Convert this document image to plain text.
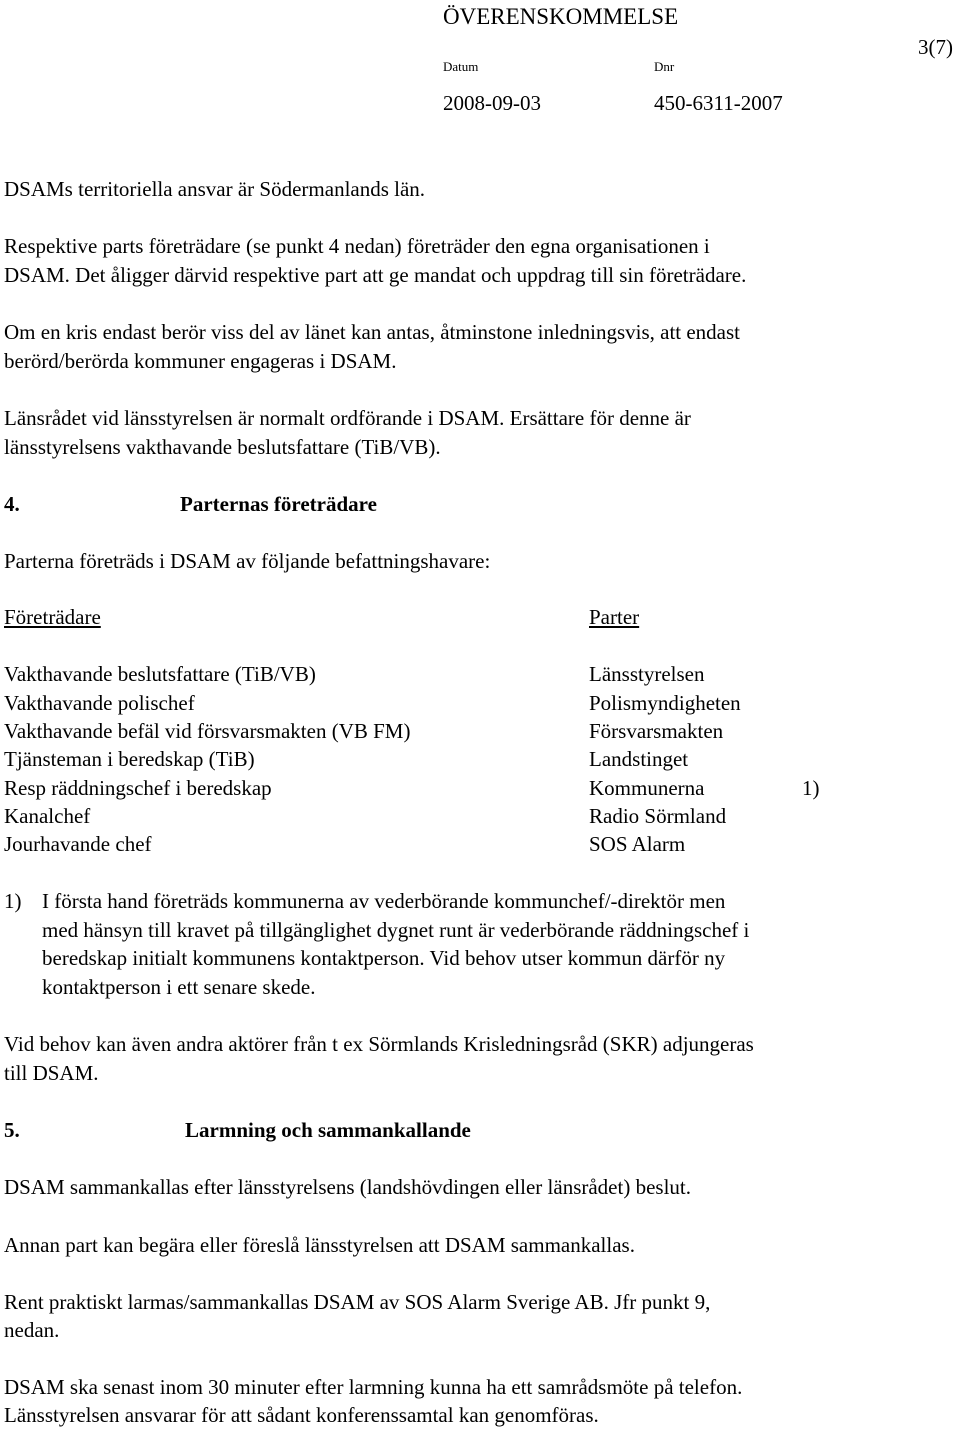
ÖVERENSKOMMELSE
3(7)
Datum	Dnr
2008-09-03	450-6311-2007
DSAMs territoriella ansvar är Södermanlands län.
Respektive parts företrädare (se punkt 4 nedan) företräder den egna organisationen i
DSAM. Det åligger därvid respektive part att ge mandat och uppdrag till sin företrädare.
Om en kris endast berör viss del av länet kan antas, åtminstone inledningsvis, att endast
berörd/berörda kommuner engageras i DSAM.
Länsrådet vid länsstyrelsen är normalt ordförande i DSAM. Ersättare för denne är
länsstyrelsens vakthavande beslutsfattare (TiB/VB).
4.	Parternas företrädare
Parterna företräds i DSAM av följande befattningshavare:
Företrädare	Parter
Vakthavande beslutsfattare (TiB/VB)	Länsstyrelsen
Vakthavande polischef	Polismyndigheten
Vakthavande befäl vid försvarsmakten (VB FM)	Försvarsmakten
Tjänsteman i beredskap (TiB)	Landstinget
Resp räddningschef i beredskap	Kommunerna	1)
Kanalchef	Radio Sörmland
Jourhavande chef	SOS Alarm
1) I första hand företräds kommunerna av vederbörande kommunchef/-direktör men
med hänsyn till kravet på tillgänglighet dygnet runt är vederbörande räddningschef i
beredskap initialt kommunens kontaktperson. Vid behov utser kommun därför ny
kontaktperson i ett senare skede.
Vid behov kan även andra aktörer från t ex Sörmlands Krisledningsråd (SKR) adjungeras
till DSAM.
5.	Larmning och sammankallande
DSAM sammankallas efter länsstyrelsens (landshövdingen eller länsrådet) beslut.
Annan part kan begära eller föreslå länsstyrelsen att DSAM sammankallas.
Rent praktiskt larmas/sammankallas DSAM av SOS Alarm Sverige AB. Jfr punkt 9,
nedan.
DSAM ska senast inom 30 minuter efter larmning kunna ha ett samrådsmöte på telefon.
Länsstyrelsen ansvarar för att sådant konferenssamtal kan genomföras.
